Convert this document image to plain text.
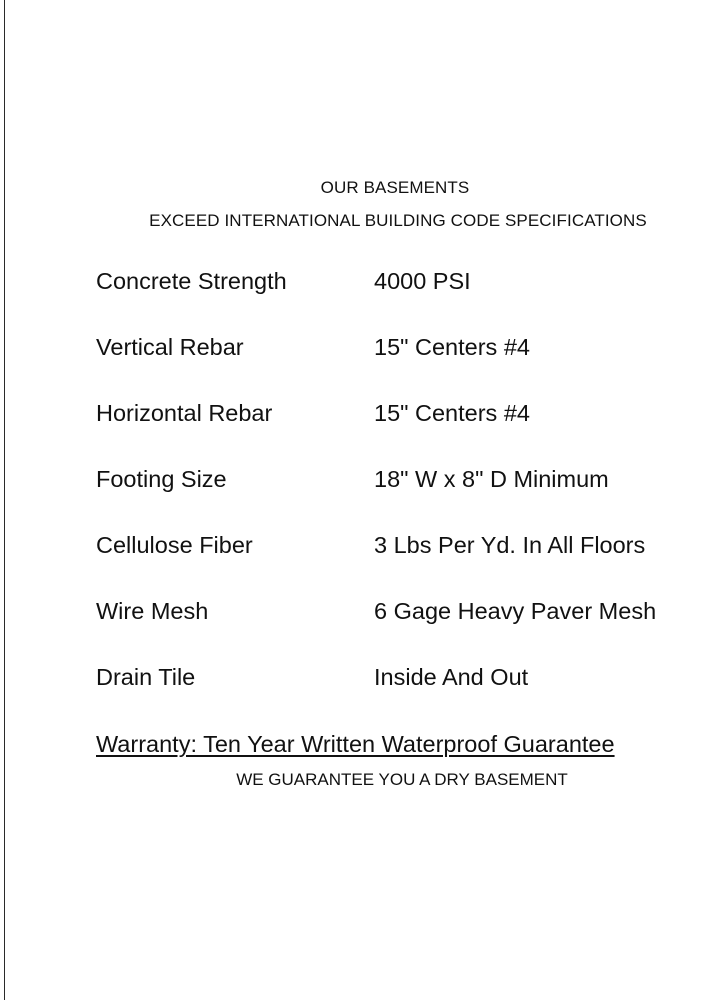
OUR BASEMENTS
EXCEED INTERNATIONAL BUILDING CODE SPECIFICATIONS
Concrete Strength	4000 PSI
Vertical Rebar	15" Centers #4
Horizontal Rebar	15" Centers #4
Footing Size	18" W x 8" D Minimum
Cellulose Fiber	3 Lbs Per Yd. In All Floors
Wire Mesh	6 Gage Heavy Paver Mesh
Drain Tile	Inside And Out
Warranty: Ten Year Written Waterproof Guarantee
WE GUARANTEE YOU A DRY BASEMENT
